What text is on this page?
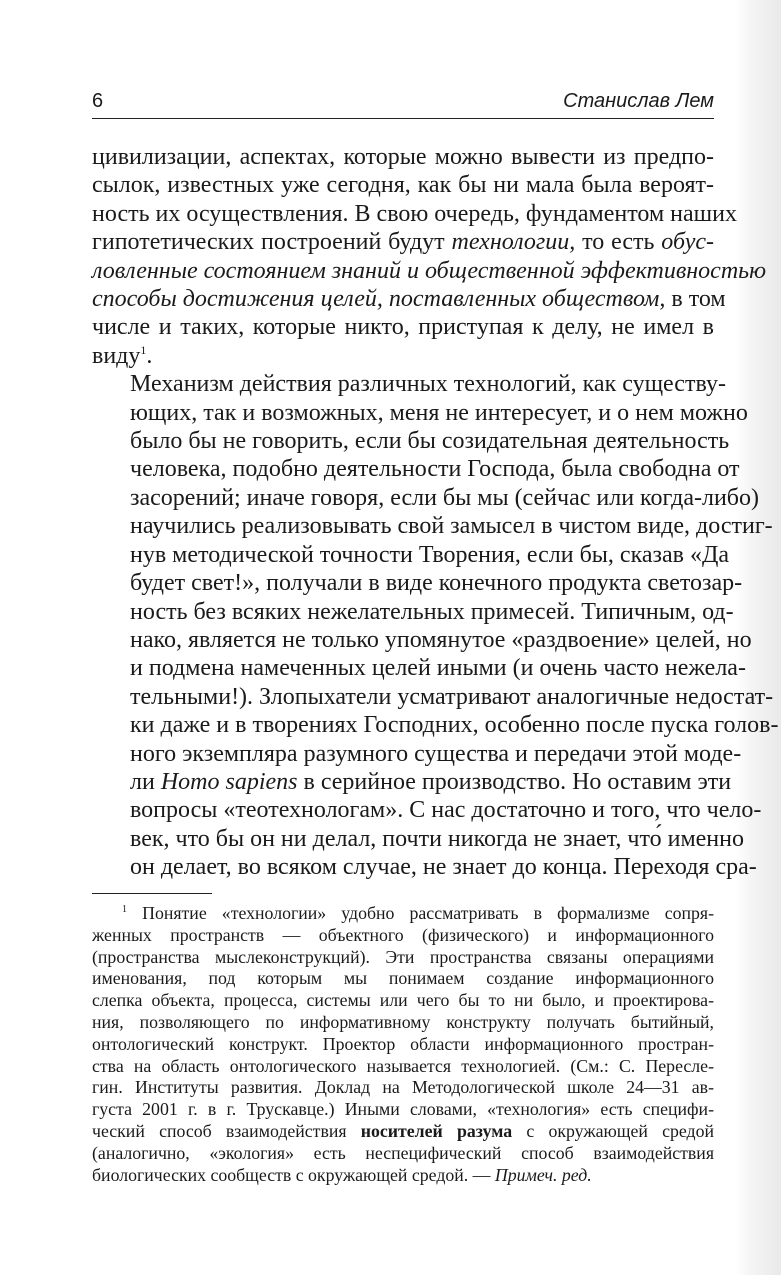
6	Станислав Лем

цивилизации, аспектах, которые можно вывести из предпо-
сылок, известных уже сегодня, как бы ни мала была вероят-
ность их осуществления. В свою очередь, фундаментом наших
гипотетических построений будут технологии, то есть обус-
ловленные состоянием знаний и общественной эффективностью
способы достижения целей, поставленных обществом, в том
числе и таких, которые никто, приступая к делу, не имел в
виду$^1$.

Механизм действия различных технологий, как существу-
ющих, так и возможных, меня не интересует, и о нем можно
было бы не говорить, если бы созидательная деятельность
человека, подобно деятельности Господа, была свободна от
засорений; иначе говоря, если бы мы (сейчас или когда-либо)
научились реализовывать свой замысел в чистом виде, достиг-
нув методической точности Творения, если бы, сказав «Да
будет свет!», получали в виде конечного продукта светозар-
ность без всяких нежелательных примесей. Типичным, од-
нако, является не только упомянутое «раздвоение» целей, но
и подмена намеченных целей иными (и очень часто нежела-
тельными!). Злопыхатели усматривают аналогичные недостат-
ки даже и в творениях Господних, особенно после пуска голов-
ного экземпляра разумного существа и передачи этой моде-
ли Homo sapiens в серийное производство. Но оставим эти
вопросы «теотехнологам». С нас достаточно и того, что чело-
век, что бы он ни делал, почти никогда не знает, что́ именно
он делает, во всяком случае, не знает до конца. Переходя сра-

$^1$ Понятие «технологии» удобно рассматривать в формализме сопря-
женных пространств — объектного (физического) и информационного
(пространства мыслеконструкций). Эти пространства связаны операциями
именования, под которым мы понимаем создание информационного
слепка объекта, процесса, системы или чего бы то ни было, и проектирова-
ния, позволяющего по информативному конструкту получать бытийный,
онтологический конструкт. Проектор области информационного простран-
ства на область онтологического называется технологией. (См.: С. Пересле-
гин. Институты развития. Доклад на Методологической школе 24—31 ав-
густа 2001 г. в г. Трускавце.) Иными словами, «технология» есть специфи-
ческий способ взаимодействия носителей разума с окружающей средой
(аналогично, «экология» есть неспецифический способ взаимодействия
биологических сообществ с окружающей средой. — Примеч. ред.
